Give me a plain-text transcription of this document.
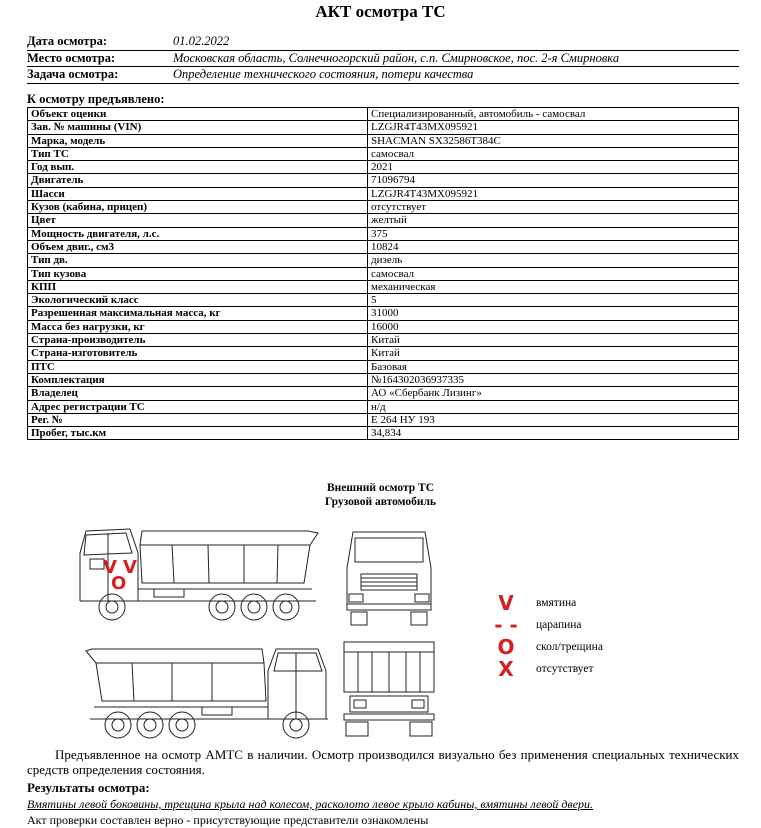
АКТ осмотра ТС
Дата осмотра:	01.02.2022
Место осмотра:	Московская область, Солнечногорский район, с.п. Смирновское, пос. 2-я Смирновка
Задача осмотра:	Определение технического состояния, потери качества
К осмотру предъявлено:
Объект оценки	Специализированный, автомобиль - самосвал
Зав. № машины (VIN)	LZGJR4T43MX095921
Марка, модель	SHACMAN SX32586T384C
Тип ТС	самосвал
Год вып.	2021
Двигатель	71096794
Шасси	LZGJR4T43MX095921
Кузов (кабина, прицеп)	отсутствует
Цвет	желтый
Мощность двигателя, л.с.	375
Объем двиг., см3	10824
Тип дв.	дизель
Тип кузова	самосвал
КПП	механическая
Экологический класс	5
Разрешенная максимальная масса, кг	31000
Масса без нагрузки, кг	16000
Страна-производитель	Китай
Страна-изготовитель	Китай
ПТС	Базовая
Комплектация	№164302036937335
Владелец	АО «Сбербанк Лизинг»
Адрес регистрации ТС	н/д
Рег. №	Е 264 НУ 193
Пробег, тыс.км	34,834
Внешний осмотр ТС
Грузовой автомобиль
V V
O
V	вмятина
- -	царапина
O	скол/трещина
X	отсутствует
Предъявленное на осмотр АМТС в наличии. Осмотр производился визуально без применения специальных технических средств определения состояния.
Результаты осмотра:
Вмятины левой боковины, трещина крыла над колесом, расколото левое крыло кабины, вмятины левой двери.
Акт проверки составлен верно - присутствующие представители ознакомлены
